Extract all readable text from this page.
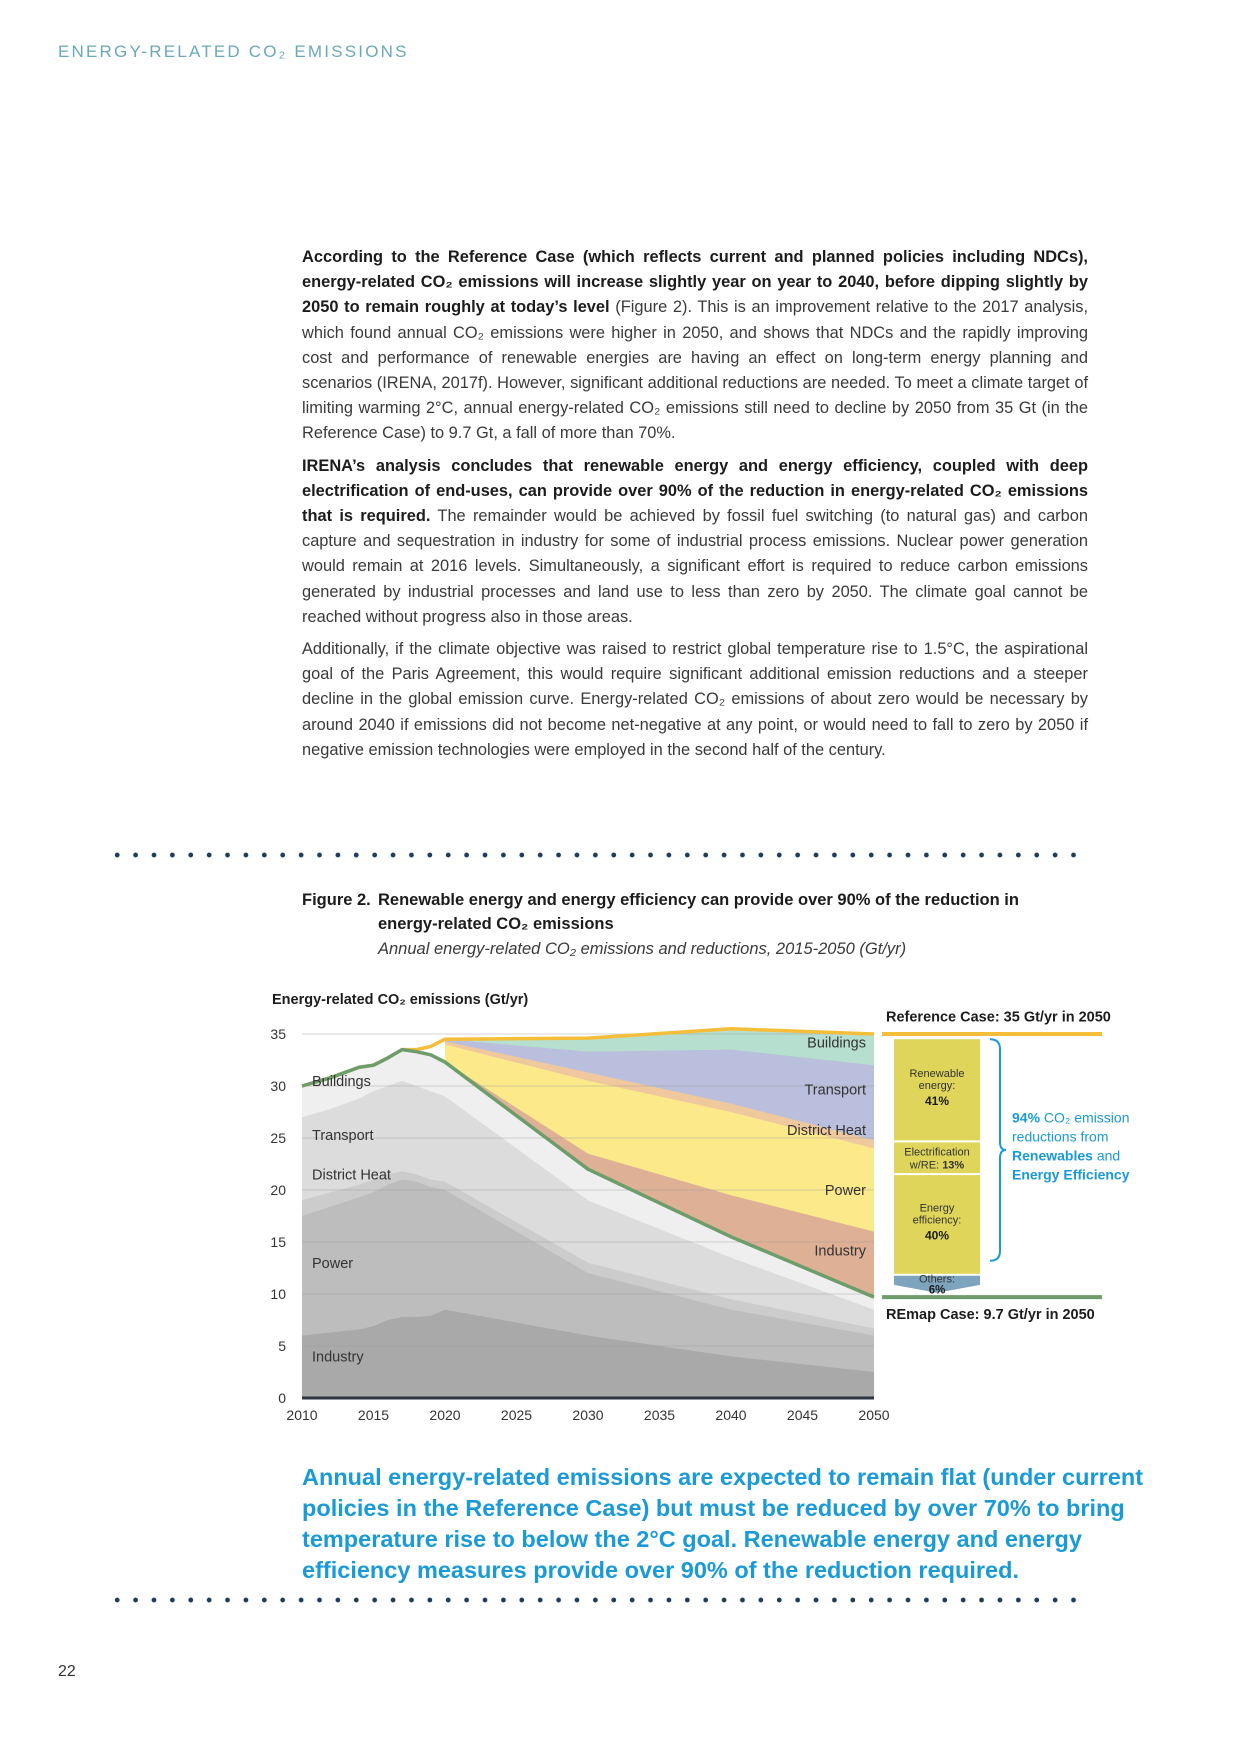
ENERGY-RELATED CO₂ EMISSIONS

According to the Reference Case (which reflects current and planned policies including NDCs), energy-related CO₂ emissions will increase slightly year on year to 2040, before dipping slightly by 2050 to remain roughly at today’s level (Figure 2). This is an improvement relative to the 2017 analysis, which found annual CO₂ emissions were higher in 2050, and shows that NDCs and the rapidly improving cost and performance of renewable energies are having an effect on long-term energy planning and scenarios (IRENA, 2017f). However, significant additional reductions are needed. To meet a climate target of limiting warming 2°C, annual energy-related CO₂ emissions still need to decline by 2050 from 35 Gt (in the Reference Case) to 9.7 Gt, a fall of more than 70%.

IRENA’s analysis concludes that renewable energy and energy efficiency, coupled with deep electrification of end-uses, can provide over 90% of the reduction in energy-related CO₂ emissions that is required. The remainder would be achieved by fossil fuel switching (to natural gas) and carbon capture and sequestration in industry for some of industrial process emissions. Nuclear power generation would remain at 2016 levels. Simultaneously, a significant effort is required to reduce carbon emissions generated by industrial processes and land use to less than zero by 2050. The climate goal cannot be reached without progress also in those areas.

Additionally, if the climate objective was raised to restrict global temperature rise to 1.5°C, the aspirational goal of the Paris Agreement, this would require significant additional emission reductions and a steeper decline in the global emission curve. Energy-related CO₂ emissions of about zero would be necessary by around 2040 if emissions did not become net-negative at any point, or would need to fall to zero by 2050 if negative emission technologies were employed in the second half of the century.

Figure 2. Renewable energy and energy efficiency can provide over 90% of the reduction in
energy-related CO₂ emissions
Annual energy-related CO₂ emissions and reductions, 2015-2050 (Gt/yr)
0
5
10
15
20
25
30
35
2010	2015	2020	2025	2030	2035	2040	2045	2050
Energy-related CO₂ emissions (Gt/yr)
Buildings
Transport
District Heat
Power
Industry
Buildings
Transport
District Heat
Power
Industry
Reference Case: 35 Gt/yr in 2050
REmap Case: 9.7 Gt/yr in 2050
Renewable
energy:
41%
Electrification
w/RE: 13%
Energy
efficiency:
40%
Others:
6%
94% CO₂ emission
reductions from
Renewables and
Energy Efficiency
Annual energy-related emissions are expected to remain flat (under current policies in the Reference Case) but must be reduced by over 70% to bring temperature rise to below the 2°C goal. Renewable energy and energy efficiency measures provide over 90% of the reduction required.
22
